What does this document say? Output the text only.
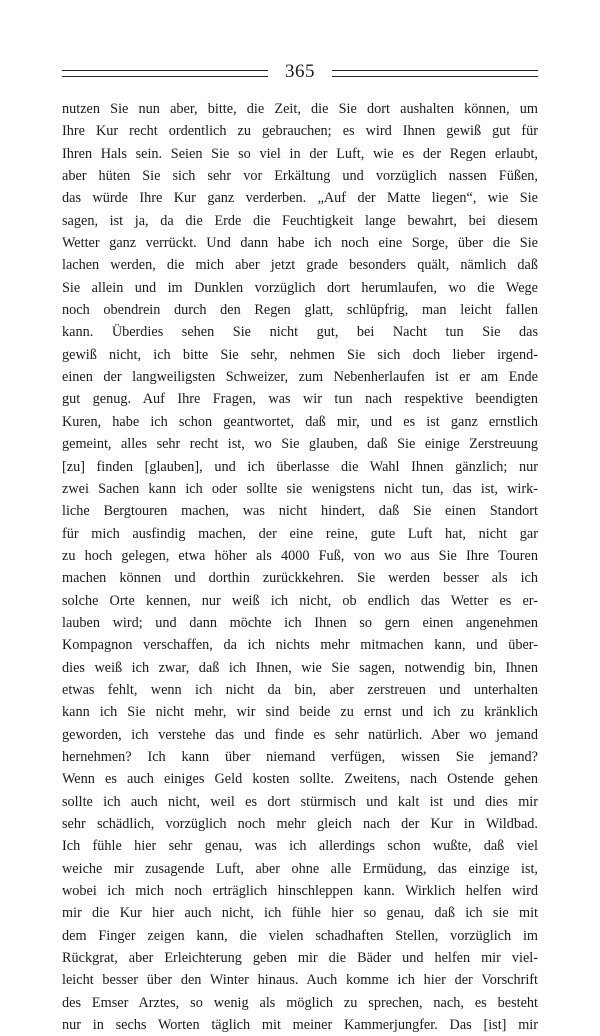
365
nutzen Sie nun aber, bitte, die Zeit, die Sie dort aushalten können, um
Ihre Kur recht ordentlich zu gebrauchen; es wird Ihnen gewiß gut für
Ihren Hals sein. Seien Sie so viel in der Luft, wie es der Regen erlaubt,
aber hüten Sie sich sehr vor Erkältung und vorzüglich nassen Füßen,
das würde Ihre Kur ganz verderben. „Auf der Matte liegen“, wie Sie
sagen, ist ja, da die Erde die Feuchtigkeit lange bewahrt, bei diesem
Wetter ganz verrückt. Und dann habe ich noch eine Sorge, über die Sie
lachen werden, die mich aber jetzt grade besonders quält, nämlich daß
Sie allein und im Dunklen vorzüglich dort herumlaufen, wo die Wege
noch obendrein durch den Regen glatt, schlüpfrig, man leicht fallen
kann. Überdies sehen Sie nicht gut, bei Nacht tun Sie das
gewiß nicht, ich bitte Sie sehr, nehmen Sie sich doch lieber irgend-
einen der langweiligsten Schweizer, zum Nebenherlaufen ist er am Ende
gut genug. Auf Ihre Fragen, was wir tun nach respektive beendigten
Kuren, habe ich schon geantwortet, daß mir, und es ist ganz ernstlich
gemeint, alles sehr recht ist, wo Sie glauben, daß Sie einige Zerstreuung
[zu] finden [glauben], und ich überlasse die Wahl Ihnen gänzlich; nur
zwei Sachen kann ich oder sollte sie wenigstens nicht tun, das ist, wirk-
liche Bergtouren machen, was nicht hindert, daß Sie einen Standort
für mich ausfindig machen, der eine reine, gute Luft hat, nicht gar
zu hoch gelegen, etwa höher als 4000 Fuß, von wo aus Sie Ihre Touren
machen können und dorthin zurückkehren. Sie werden besser als ich
solche Orte kennen, nur weiß ich nicht, ob endlich das Wetter es er-
lauben wird; und dann möchte ich Ihnen so gern einen angenehmen
Kompagnon verschaffen, da ich nichts mehr mitmachen kann, und über-
dies weiß ich zwar, daß ich Ihnen, wie Sie sagen, notwendig bin, Ihnen
etwas fehlt, wenn ich nicht da bin, aber zerstreuen und unterhalten
kann ich Sie nicht mehr, wir sind beide zu ernst und ich zu kränklich
geworden, ich verstehe das und finde es sehr natürlich. Aber wo jemand
hernehmen? Ich kann über niemand verfügen, wissen Sie jemand?
Wenn es auch einiges Geld kosten sollte. Zweitens, nach Ostende gehen
sollte ich auch nicht, weil es dort stürmisch und kalt ist und dies mir
sehr schädlich, vorzüglich noch mehr gleich nach der Kur in Wildbad.
Ich fühle hier sehr genau, was ich allerdings schon wußte, daß viel
weiche mir zusagende Luft, aber ohne alle Ermüdung, das einzige ist,
wobei ich mich noch erträglich hinschleppen kann. Wirklich helfen wird
mir die Kur hier auch nicht, ich fühle hier so genau, daß ich sie mit
dem Finger zeigen kann, die vielen schadhaften Stellen, vorzüglich im
Rückgrat, aber Erleichterung geben mir die Bäder und helfen mir viel-
leicht besser über den Winter hinaus. Auch komme ich hier der Vorschrift
des Emser Arztes, so wenig als möglich zu sprechen, nach, es besteht
nur in sechs Worten täglich mit meiner Kammerjungfer. Das [ist] mir
